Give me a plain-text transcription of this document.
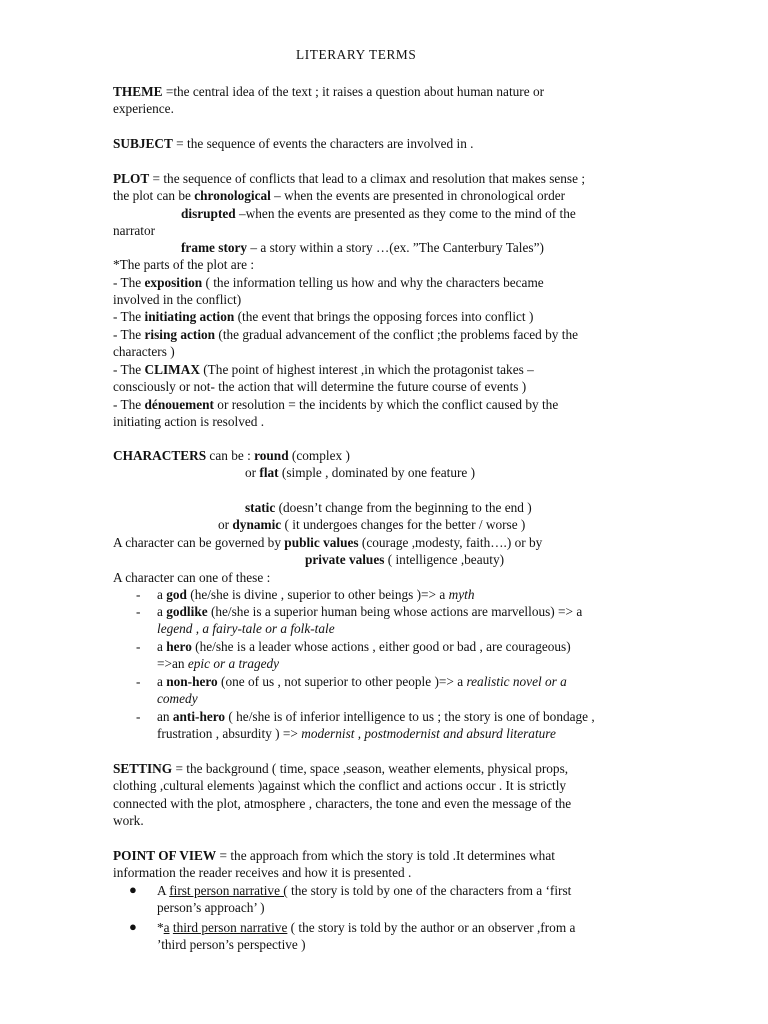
LITERARY TERMS
THEME =the central idea of the text ; it raises a question about human nature or
experience.
SUBJECT = the sequence of events the characters are involved in .
PLOT = the sequence of conflicts that lead to a climax and resolution that makes sense ;
the plot can be chronological – when the events are presented in chronological order
disrupted –when the events are presented as they come to the mind of the
narrator
frame story – a story within a story …(ex. ”The Canterbury Tales”)
*The parts of the plot are :
- The exposition ( the information telling us how and why the characters became
involved in the conflict)
- The initiating action (the event that brings the opposing forces into conflict )
- The rising action (the gradual advancement of the conflict ;the problems faced by the
characters )
- The CLIMAX (The point of highest interest ,in which the protagonist takes –
consciously or not- the action that will determine the future course of events )
- The dénouement or resolution = the incidents by which the conflict caused by the
initiating action is resolved .
CHARACTERS can be : round (complex )
or flat (simple , dominated by one feature )
static (doesn’t change from the beginning to the end )
or dynamic ( it undergoes changes for the better / worse )
A character can be governed by public values (courage ,modesty, faith….) or by
private values ( intelligence ,beauty)
A character can one of these :
- a god (he/she is divine , superior to other beings )=> a myth
- a godlike (he/she is a superior human being whose actions are marvellous) => a
legend , a fairy-tale or a folk-tale
- a hero (he/she is a leader whose actions , either good or bad , are courageous)
=>an epic or a tragedy
- a non-hero (one of us , not superior to other people )=> a realistic novel or a
comedy
- an anti-hero ( he/she is of inferior intelligence to us ; the story is one of bondage ,
frustration , absurdity ) => modernist , postmodernist and absurd literature
SETTING = the background ( time, space ,season, weather elements, physical props,
clothing ,cultural elements )against which the conflict and actions occur . It is strictly
connected with the plot, atmosphere , characters, the tone and even the message of the
work.
POINT OF VIEW = the approach from which the story is told .It determines what
information the reader receives and how it is presented .
● A first person narrative ( the story is told by one of the characters from a ‘first
person’s approach’ )
● *a third person narrative ( the story is told by the author or an observer ,from a
’third person’s perspective )
